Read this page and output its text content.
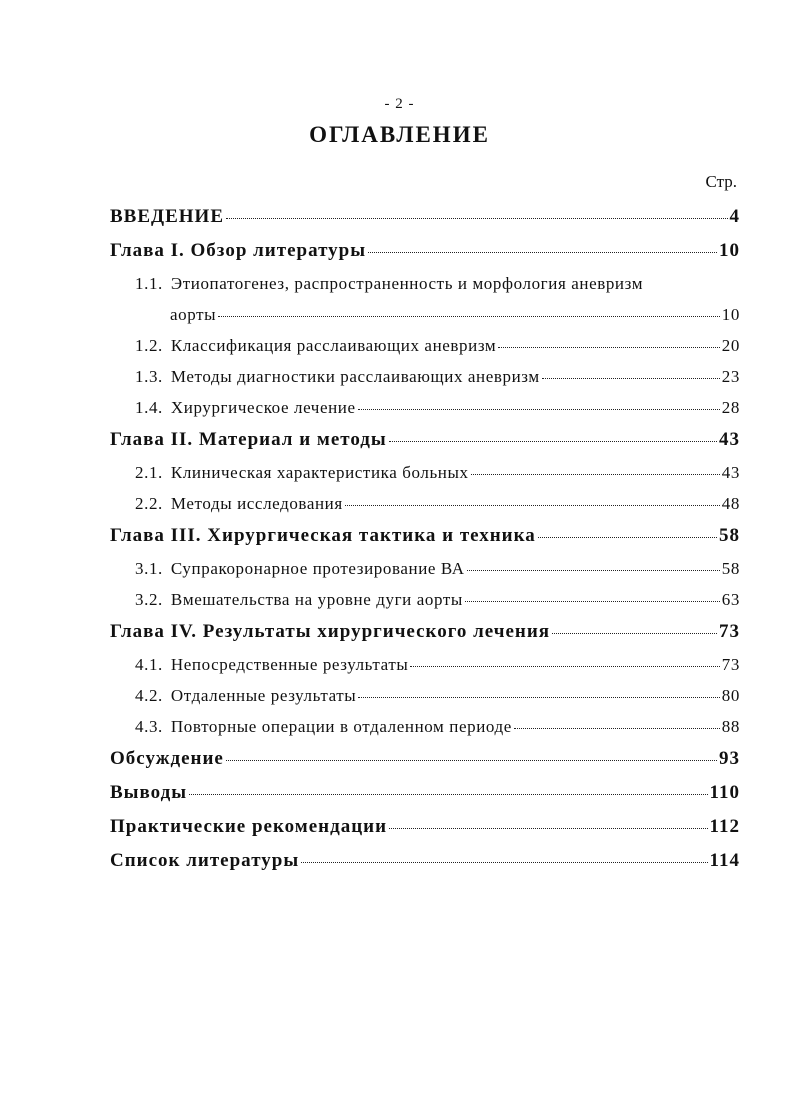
- 2 -
ОГЛАВЛЕНИЕ
Стр.
ВВЕДЕНИЕ	4
Глава I. Обзор литературы	10
1.1. Этиопатогенез, распространенность и морфология аневризм
аорты	10
1.2. Классификация расслаивающих аневризм	20
1.3. Методы диагностики расслаивающих аневризм	23
1.4. Хирургическое лечение	28
Глава II. Материал и методы	43
2.1. Клиническая характеристика больных	43
2.2. Методы исследования	48
Глава III. Хирургическая тактика и техника	58
3.1. Супракоронарное протезирование ВА	58
3.2. Вмешательства на уровне дуги аорты	63
Глава IV. Результаты хирургического лечения	73
4.1. Непосредственные результаты	73
4.2. Отдаленные результаты	80
4.3. Повторные операции в отдаленном периоде	88
Обсуждение	93
Выводы	110
Практические рекомендации	112
Список литературы	114
